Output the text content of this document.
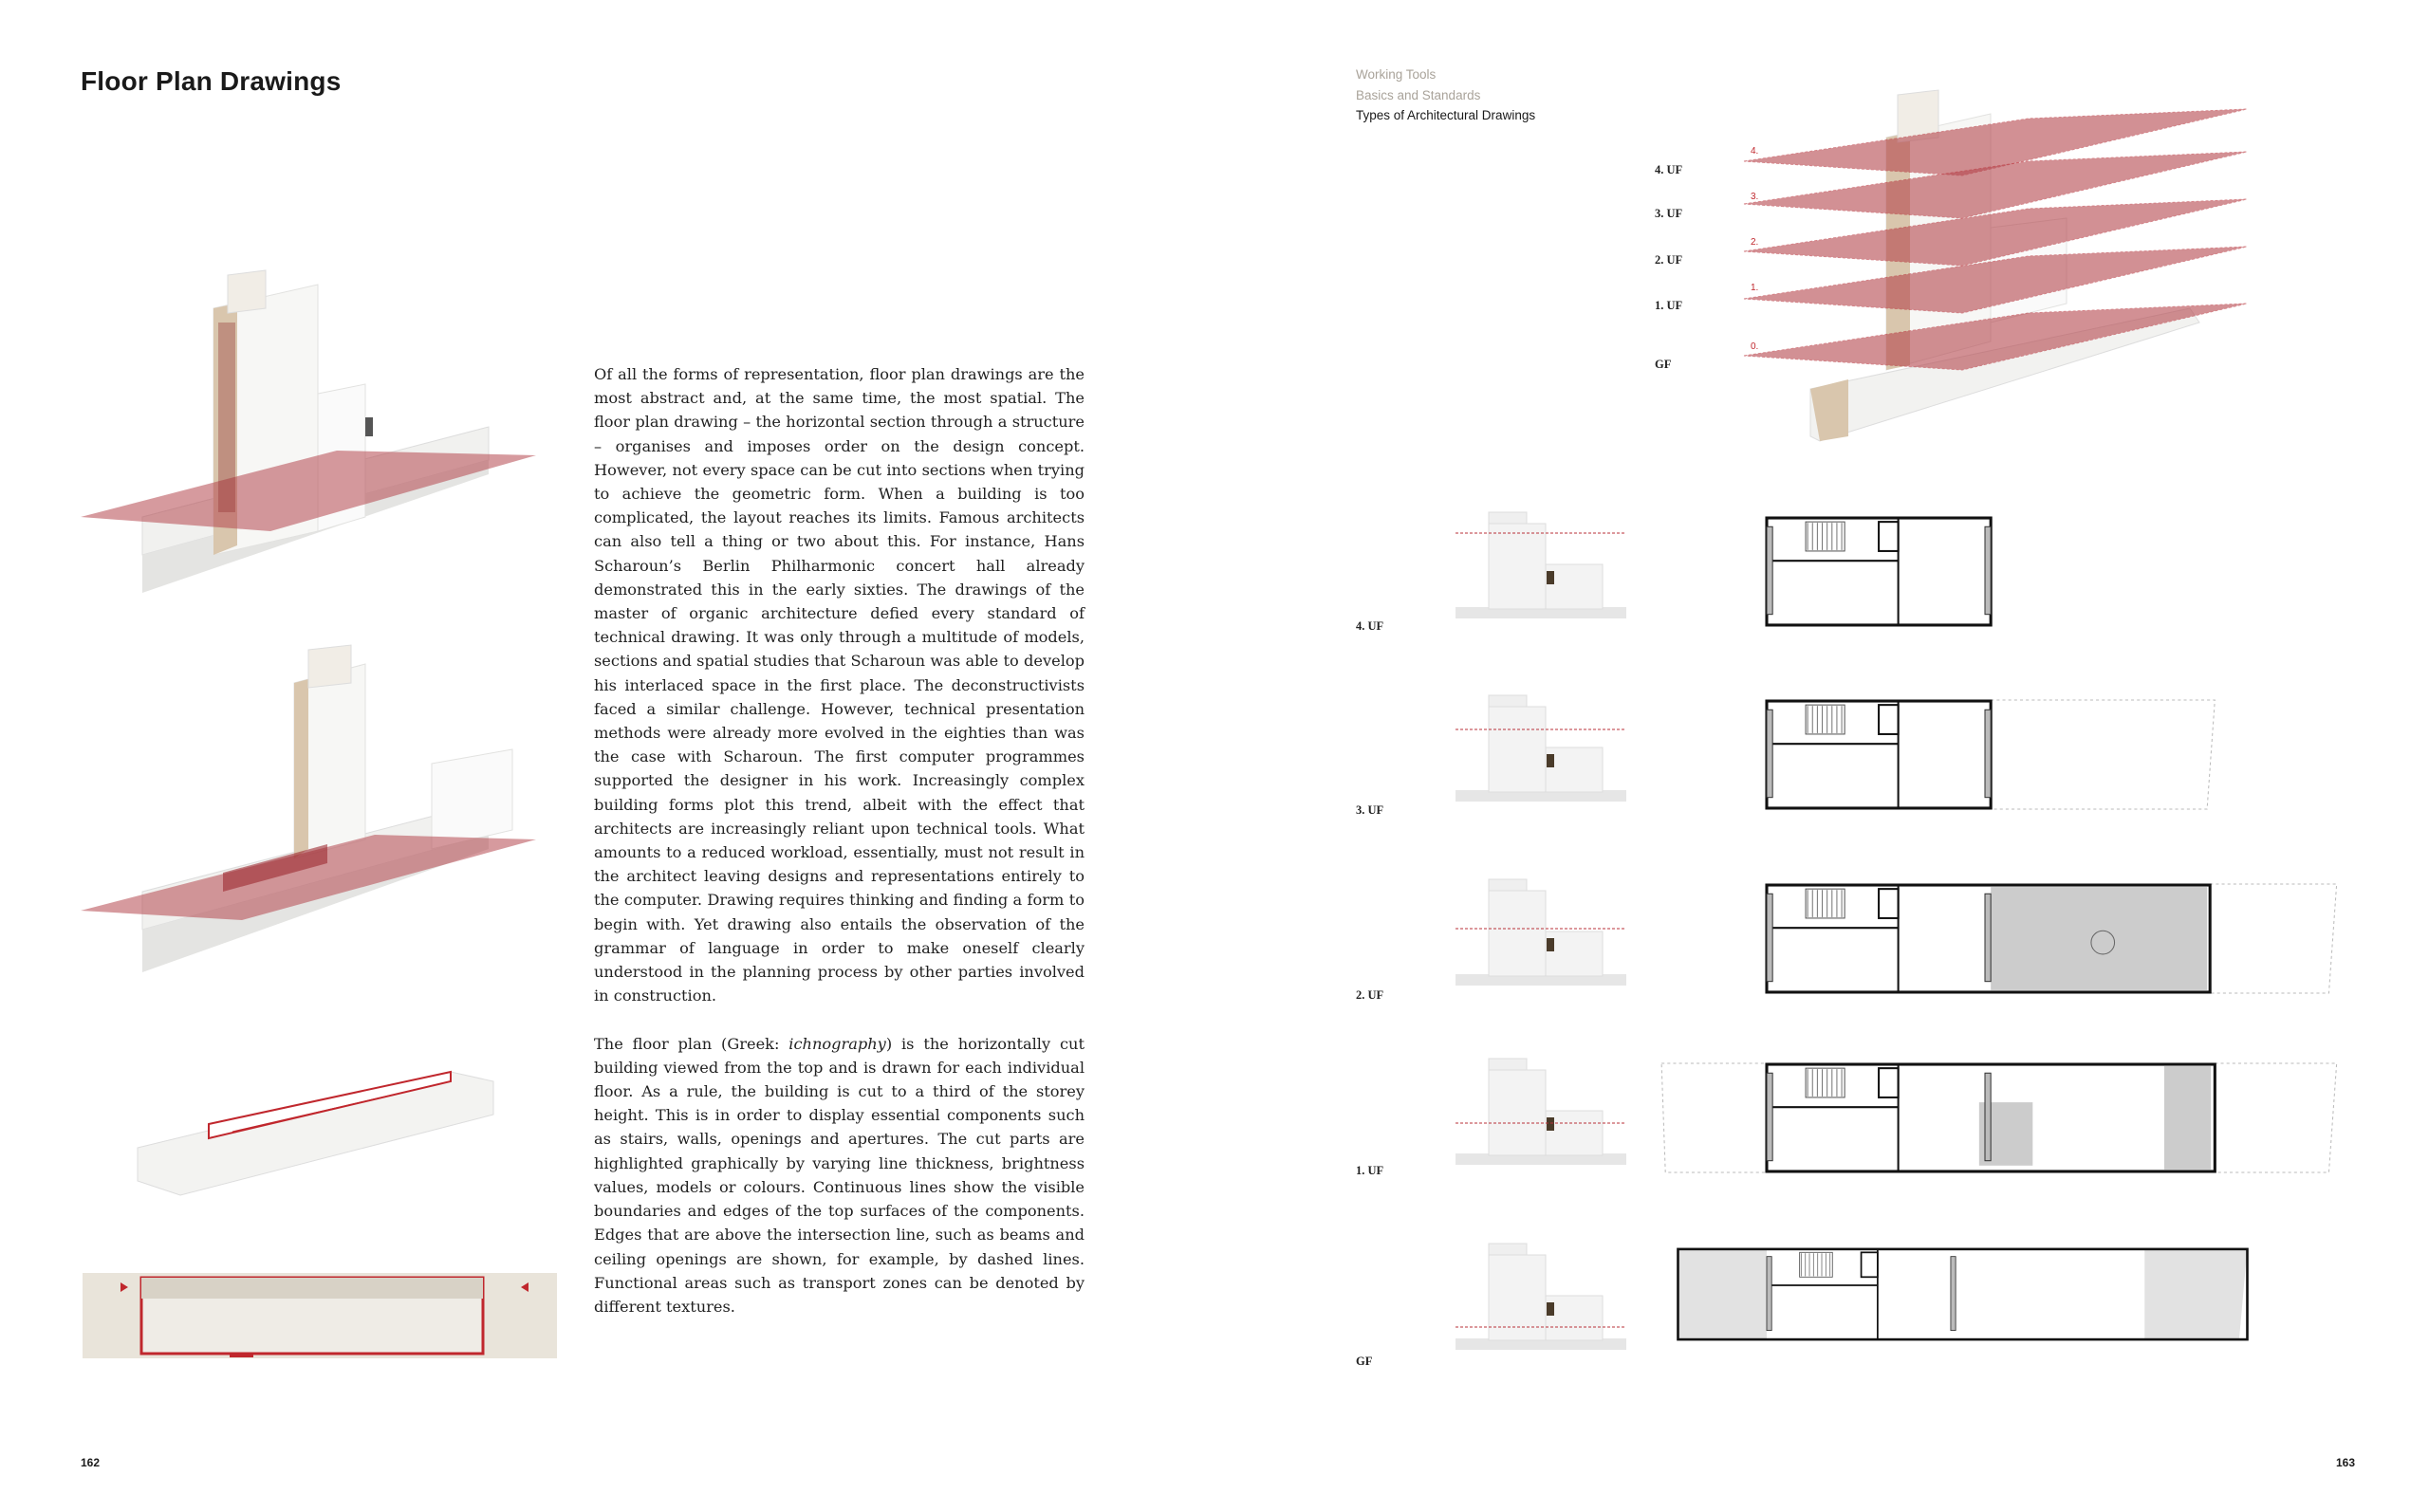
Floor Plan Drawings

Of all the forms of representation, floor plan drawings are the most abstract and, at the same time, the most spatial. The floor plan drawing – the horizontal section through a structure – organises and imposes order on the design concept. However, not every space can be cut into sections when trying to achieve the geometric form. When a building is too complicated, the layout reaches its limits. Famous architects can also tell a thing or two about this. For instance, Hans Scharoun’s Berlin Philharmonic concert hall already demonstrated this in the early sixties. The drawings of the master of organic architecture defied every standard of technical drawing. It was only through a multitude of models, sections and spatial studies that Scharoun was able to develop his interlaced space in the first place. The deconstructivists faced a similar challenge. However, technical presentation methods were already more evolved in the eighties than was the case with Scharoun. The first computer programmes supported the designer in his work. Increasingly complex building forms plot this trend, albeit with the effect that architects are increasingly reliant upon technical tools. What amounts to a reduced workload, essentially, must not result in the architect leaving designs and representations entirely to the computer. Drawing requires thinking and finding a form to begin with. Yet drawing also entails the observation of the grammar of language in order to make oneself clearly understood in the planning process by other parties involved in construction.

The floor plan (Greek: ichnography) is the horizontally cut building viewed from the top and is drawn for each individual floor. As a rule, the building is cut to a third of the storey height. This is in order to display essential components such as stairs, walls, openings and apertures. The cut parts are highlighted graphically by varying line thickness, brightness values, models or colours. Continuous lines show the visible boundaries and edges of the top surfaces of the components. Edges that are above the intersection line, such as beams and ceiling openings are shown, for example, by dashed lines. Functional areas such as transport zones can be denoted by different textures.

162
Working Tools
Basics and Standards
Types of Architectural Drawings
4. UF
3. UF
2. UF
1. UF
GF
4.
3.
2.
1.
0.
4. UF
3. UF
2. UF
1. UF
GF
163
